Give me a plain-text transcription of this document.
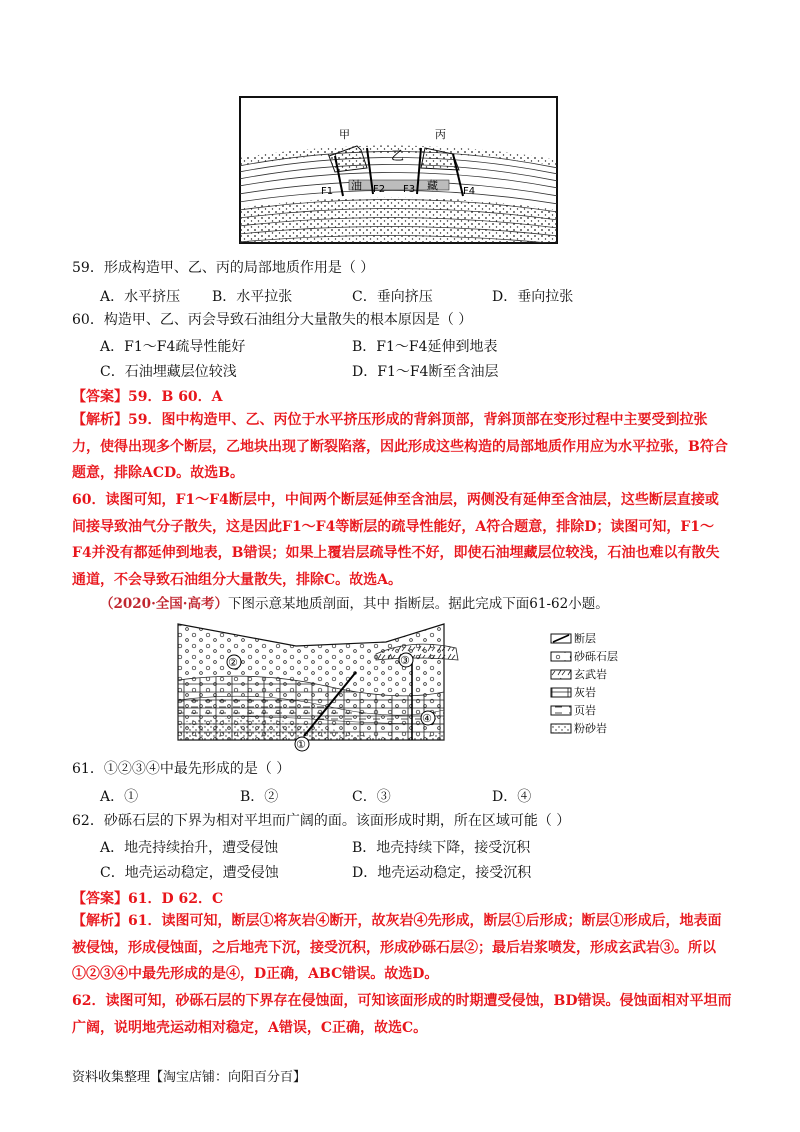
甲
乙
丙
油	藏
F1	F2 F3	F4
59．形成构造甲、乙、丙的局部地质作用是（ ）
A．水平挤压 B．水平拉张	C．垂向挤压	D．垂向拉张
60．构造甲、乙、丙会导致石油组分大量散失的根本原因是（ ）
A．F1～F4疏导性能好	B．F1～F4延伸到地表
C．石油埋藏层位较浅	D．F1～F4断至含油层
【答案】59．B 60．A
【解析】59．图中构造甲、乙、丙位于水平挤压形成的背斜顶部，背斜顶部在变形过程中主要受到拉张力，使得出现多个断层，乙地块出现了断裂陷落，因此形成这些构造的局部地质作用应为水平拉张，B符合题意，排除ACD。故选B。
60．读图可知，F1～F4断层中，中间两个断层延伸至含油层，两侧没有延伸至含油层，这些断层直接或间接导致油气分子散失，这是因此F1～F4等断层的疏导性能好，A符合题意，排除D；读图可知，F1～F4并没有都延伸到地表，B错误；如果上覆岩层疏导性不好，即使石油埋藏层位较浅，石油也难以有散失通道，不会导致石油组分大量散失，排除C。故选A。
（2020·全国·高考）下图示意某地质剖面，其中 指断层。据此完成下面61-62小题。
②	③
④
①
断层
砂砾石层
玄武岩
灰岩
页岩
粉砂岩
61．①②③④中最先形成的是（ ）
A．①	B．②	C．③	D．④
62．砂砾石层的下界为相对平坦而广阔的面。该面形成时期，所在区域可能（ ）
A．地壳持续抬升，遭受侵蚀	B．地壳持续下降，接受沉积
C．地壳运动稳定，遭受侵蚀	D．地壳运动稳定，接受沉积
【答案】61．D 62．C
【解析】61．读图可知，断层①将灰岩④断开，故灰岩④先形成，断层①后形成；断层①形成后，地表面被侵蚀，形成侵蚀面，之后地壳下沉，接受沉积，形成砂砾石层②；最后岩浆喷发，形成玄武岩③。所以①②③④中最先形成的是④，D正确，ABC错误。故选D。
62．读图可知，砂砾石层的下界存在侵蚀面，可知该面形成的时期遭受侵蚀，BD错误。侵蚀面相对平坦而广阔，说明地壳运动相对稳定，A错误，C正确，故选C。
资料收集整理【淘宝店铺：向阳百分百】
